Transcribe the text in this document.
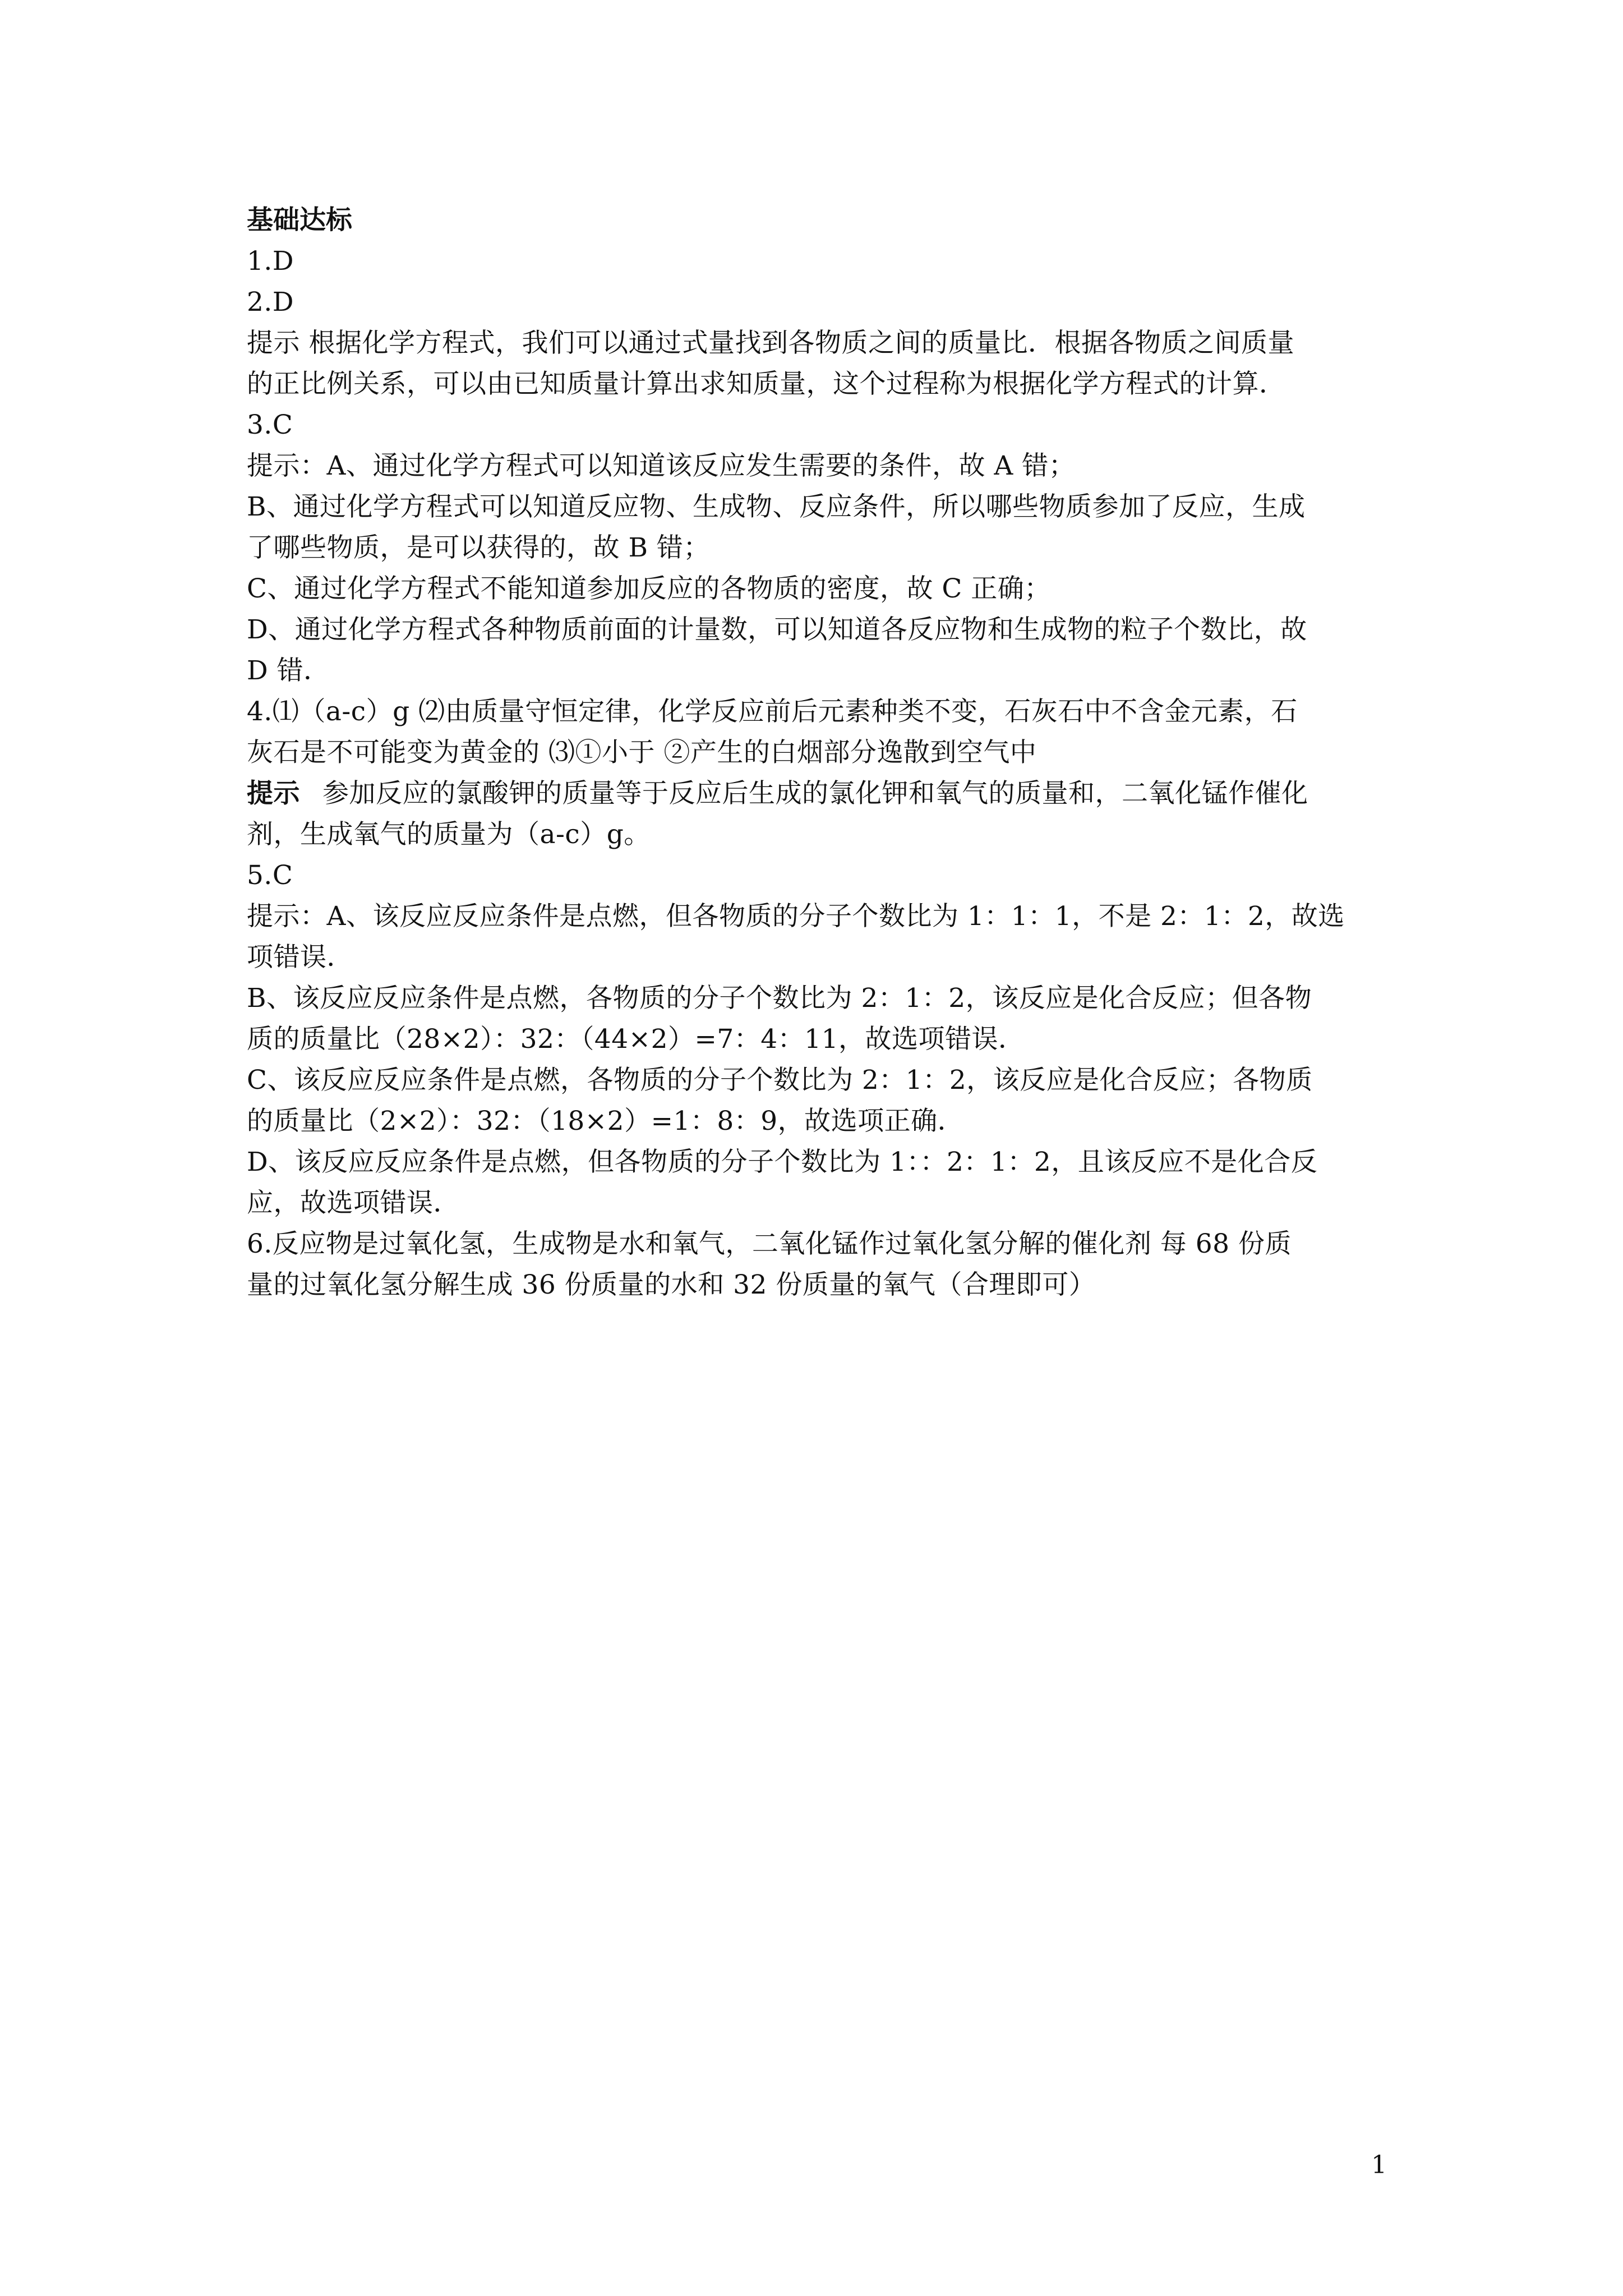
基础达标
1.D
2.D
提示 根据化学方程式，我们可以通过式量找到各物质之间的质量比．根据各物质之间质量
的正比例关系，可以由已知质量计算出求知质量，这个过程称为根据化学方程式的计算．
3.C
提示：A、通过化学方程式可以知道该反应发生需要的条件，故 A 错；
B、通过化学方程式可以知道反应物、生成物、反应条件，所以哪些物质参加了反应，生成
了哪些物质，是可以获得的，故 B 错；
C、通过化学方程式不能知道参加反应的各物质的密度，故 C 正确；
D、通过化学方程式各种物质前面的计量数，可以知道各反应物和生成物的粒子个数比，故
D 错．
4.⑴（a-c）g ⑵由质量守恒定律，化学反应前后元素种类不变，石灰石中不含金元素，石
灰石是不可能变为黄金的 ⑶①小于 ②产生的白烟部分逸散到空气中
提示 参加反应的氯酸钾的质量等于反应后生成的氯化钾和氧气的质量和，二氧化锰作催化
剂，生成氧气的质量为（a-c）g。
5.C
提示：A、该反应反应条件是点燃，但各物质的分子个数比为 1：1：1，不是 2：1：2，故选
项错误．
B、该反应反应条件是点燃，各物质的分子个数比为 2：1：2，该反应是化合反应；但各物
质的质量比（28×2）：32：（44×2）=7：4：11，故选项错误．
C、该反应反应条件是点燃，各物质的分子个数比为 2：1：2，该反应是化合反应；各物质
的质量比（2×2）：32：（18×2）=1：8：9，故选项正确．
D、该反应反应条件是点燃，但各物质的分子个数比为 1：：2：1：2，且该反应不是化合反
应，故选项错误．
6.反应物是过氧化氢，生成物是水和氧气，二氧化锰作过氧化氢分解的催化剂 每 68 份质
量的过氧化氢分解生成 36 份质量的水和 32 份质量的氧气（合理即可）
1
